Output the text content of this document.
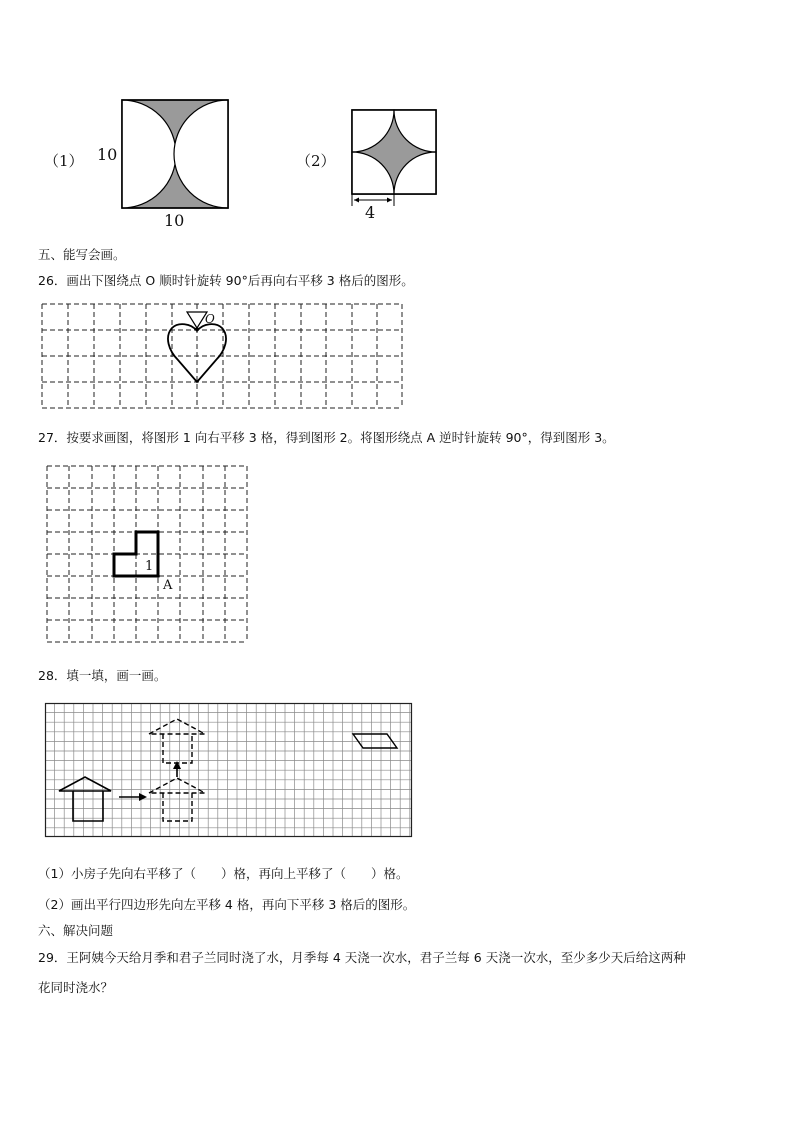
（1） 10
10
（2）
4
五、能写会画。
26．画出下图绕点 O 顺时针旋转 90°后再向右平移 3 格后的图形。
O
27．按要求画图，将图形 1 向右平移 3 格，得到图形 2。将图形绕点 A 逆时针旋转 90°，得到图形 3。
1
A
28．填一填，画一画。
（1）小房子先向右平移了（　　）格，再向上平移了（　　）格。
（2）画出平行四边形先向左平移 4 格，再向下平移 3 格后的图形。
六、解决问题
29．王阿姨今天给月季和君子兰同时浇了水，月季每 4 天浇一次水，君子兰每 6 天浇一次水，至少多少天后给这两种
花同时浇水？
